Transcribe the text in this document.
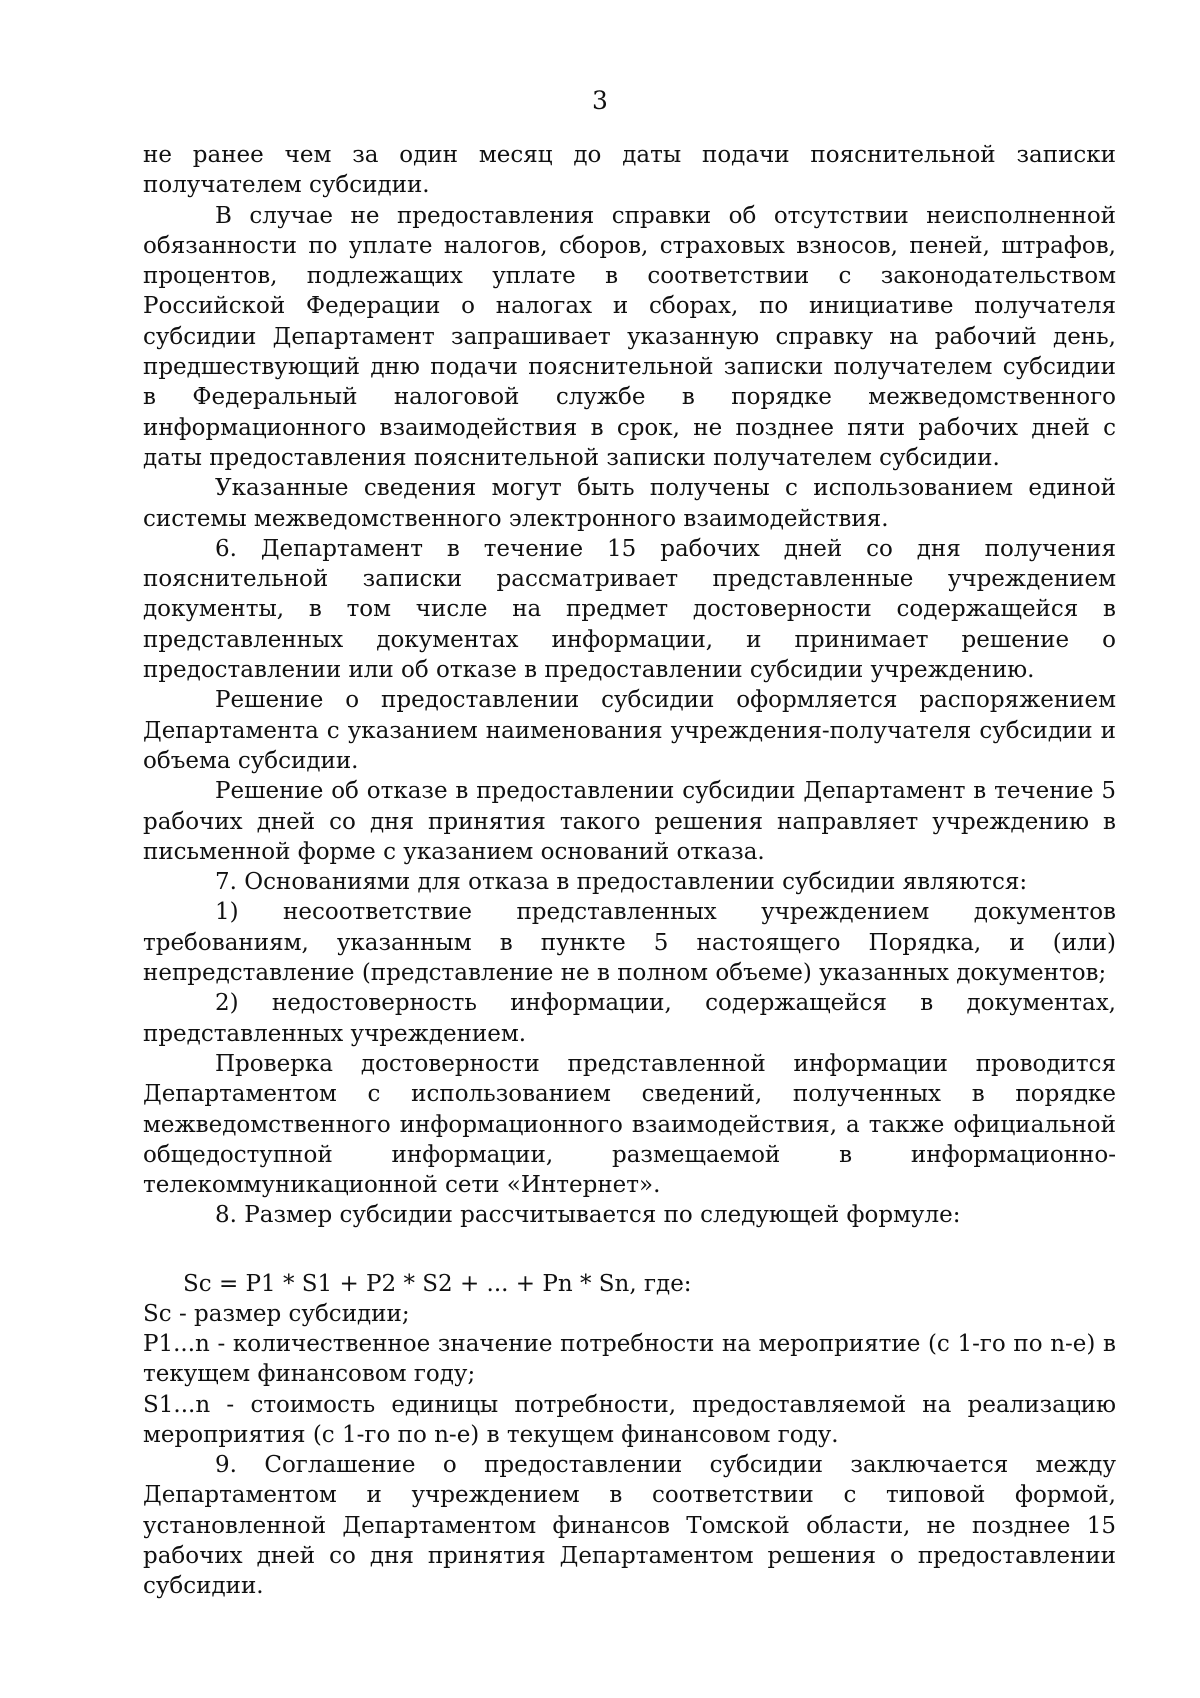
3

не ранее чем за один месяц до даты подачи пояснительной записки получателем субсидии.

В случае не предоставления справки об отсутствии неисполненной обязанности по уплате налогов, сборов, страховых взносов, пеней, штрафов, процентов, подлежащих уплате в соответствии с законодательством Российской Федерации о налогах и сборах, по инициативе получателя субсидии Департамент запрашивает указанную справку на рабочий день, предшествующий дню подачи пояснительной записки получателем субсидии в Федеральный налоговой службе в порядке межведомственного информационного взаимодействия в срок, не позднее пяти рабочих дней с даты предоставления пояснительной записки получателем субсидии.

Указанные сведения могут быть получены с использованием единой системы межведомственного электронного взаимодействия.

6. Департамент в течение 15 рабочих дней со дня получения пояснительной записки рассматривает представленные учреждением документы, в том числе на предмет достоверности содержащейся в представленных документах информации, и принимает решение о предоставлении или об отказе в предоставлении субсидии учреждению.

Решение о предоставлении субсидии оформляется распоряжением Департамента с указанием наименования учреждения-получателя субсидии и объема субсидии.

Решение об отказе в предоставлении субсидии Департамент в течение 5 рабочих дней со дня принятия такого решения направляет учреждению в письменной форме с указанием оснований отказа.

7. Основаниями для отказа в предоставлении субсидии являются:

1) несоответствие представленных учреждением документов требованиям, указанным в пункте 5 настоящего Порядка, и (или) непредставление (представление не в полном объеме) указанных документов;

2) недостоверность информации, содержащейся в документах, представленных учреждением.

Проверка достоверности представленной информации проводится Департаментом с использованием сведений, полученных в порядке межведомственного информационного взаимодействия, а также официальной общедоступной информации, размещаемой в информационно-телекоммуникационной сети «Интернет».

8. Размер субсидии рассчитывается по следующей формуле:

Sc = P1 * S1 + P2 * S2 + ... + Pn * Sn, где:

Sc - размер субсидии;

P1...n - количественное значение потребности на мероприятие (с 1-го по n-е) в текущем финансовом году;

S1...n - стоимость единицы потребности, предоставляемой на реализацию мероприятия (с 1-го по n-е) в текущем финансовом году.

9. Соглашение о предоставлении субсидии заключается между Департаментом и учреждением в соответствии с типовой формой, установленной Департаментом финансов Томской области, не позднее 15 рабочих дней со дня принятия Департаментом решения о предоставлении субсидии.
